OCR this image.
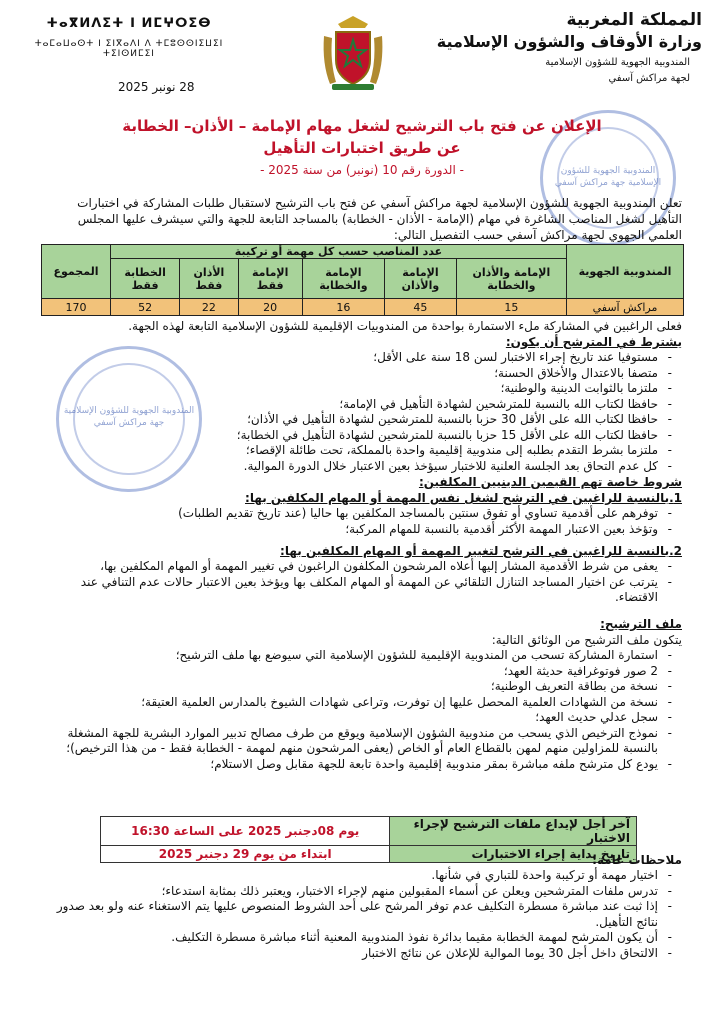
المملكة المغربية
وزارة الأوقاف والشؤون الإسلامية
المندوبية الجهوية للشؤون الإسلامية
لجهة مراكش آسفي
ⵜⴰⴳⵍⴷⵉⵜ ⵏ ⵍⵎⵖⵔⵉⴱ
ⵜⴰⵎⴰⵡⴰⵙⵜ ⵏ ⵉⵏⴳⴰⴷⵏ ⴷ ⵜⵎⵓⵙⵙⵏⵉⵡⵉⵏ ⵜⵉⵏⵙⵍⵎⵉⵏ
28 نونبر 2025
المندوبية الجهوية للشؤون الإسلامية جهة مراكش آسفي
المندوبية الجهوية للشؤون الإسلامية جهة مراكش آسفي
الإعلان عن فتح باب الترشيح لشغل مهام الإمامة – الأذان– الخطابة
عن طريق اختبارات التأهيل
- الدورة رقم 10 (نونبر) من سنة 2025 -
تعلن المندوبية الجهوية للشؤون الإسلامية لجهة مراكش آسفي عن فتح باب الترشيح لاستقبال طلبات المشاركة في اختبارات التأهيل لشغل المناصب الشاغرة في مهام (الإمامة - الأذان - الخطابة) بالمساجد التابعة للجهة والتي سيشرف عليها المجلس العلمي الجهوي لجهة مراكش آسفي حسب التفصيل التالي:
المندوبية الجهوية	عدد المناصب حسب كل مهمة أو تركيبة						المجموع
	الإمامة والأذان والخطابة	الإمامة والأذان	الإمامة والخطابة	الإمامة فقط	الأذان فقط	الخطابة فقط	
مراكش آسفي	15	45	16	20	22	52	170
فعلى الراغبين في المشاركة ملء الاستمارة بواحدة من المندوبيات الإقليمية للشؤون الإسلامية التابعة لهذه الجهة.
يشترط في المترشح أن يكون:
- مستوفيا عند تاريخ إجراء الاختبار لسن 18 سنة على الأقل؛
- متصفا بالاعتدال والأخلاق الحسنة؛
- ملتزما بالثوابت الدينية والوطنية؛
- حافظا لكتاب الله بالنسبة للمترشحين لشهادة التأهيل في الإمامة؛
- حافظا لكتاب الله على الأقل 30 حزبا بالنسبة للمترشحين لشهادة التأهيل في الأذان؛
- حافظا لكتاب الله على الأقل 15 حزبا بالنسبة للمترشحين لشهادة التأهيل في الخطابة؛
- ملتزما بشرط التقدم بطلبه إلى مندوبية إقليمية واحدة بالمملكة، تحت طائلة الإقصاء؛
- كل عدم التحاق بعد الجلسة العلنية للاختبار سيؤخذ بعين الاعتبار خلال الدورة الموالية.
شروط خاصة تهم القيمين الدينيين المكلفين:
1.بالنسبة للراغبين في الترشح لشغل نفس المهمة أو المهام المكلفين بها:
- توفرهم على أقدمية تساوي أو تفوق سنتين بالمساجد المكلفين بها حاليا (عند تاريخ تقديم الطلبات)
- وتؤخذ بعين الاعتبار المهمة الأكثر أقدمية بالنسبة للمهام المركبة؛
2.بالنسبة للراغبين في الترشح لتغيير المهمة أو المهام المكلفين بها:
- يعفى من شرط الأقدمية المشار إليها أعلاه المرشحون المكلفون الراغبون في تغيير المهمة أو المهام المكلفين بها،
- يترتب عن اختيار المساجد التنازل التلقائي عن المهمة أو المهام المكلف بها ويؤخذ بعين الاعتبار حالات عدم التنافي عند الاقتضاء.
ملف الترشيح:
يتكون ملف الترشيح من الوثائق التالية:
- استمارة المشاركة تسحب من المندوبية الإقليمية للشؤون الإسلامية التي سيوضع بها ملف الترشيح؛
- 2 صور فوتوغرافية حديثة العهد؛
- نسخة من بطاقة التعريف الوطنية؛
- نسخة من الشهادات العلمية المحصل عليها إن توفرت، وتراعى شهادات الشيوخ بالمدارس العلمية العتيقة؛
- سجل عدلي حديث العهد؛
- نموذج الترخيص الذي يسحب من مندوبية الشؤون الإسلامية ويوقع من طرف مصالح تدبير الموارد البشرية للجهة المشغلة بالنسبة للمزاولين منهم لمهن بالقطاع العام أو الخاص (يعفى المرشحون منهم لمهمة - الخطابة فقط - من هذا الترخيص)؛
- يودع كل مترشح ملفه مباشرة بمقر مندوبية إقليمية واحدة تابعة للجهة مقابل وصل الاستلام؛
آخر أجل لإيداع ملفات الترشيح لإجراء الاختبار	يوم 08دجنبر 2025 على الساعة 16:30
تاريخ بداية إجراء الاختبارات	ابتداء من يوم 29 دجنبر 2025	ملاحظات عامة:
- اختيار مهمة أو تركيبة واحدة للتباري في شأنها.
- تدرس ملفات المترشحين ويعلن عن أسماء المقبولين منهم لإجراء الاختبار، ويعتبر ذلك بمثابة استدعاء؛
- إذا ثبت عند مباشرة مسطرة التكليف عدم توفر المرشح على أحد الشروط المنصوص عليها يتم الاستغناء عنه ولو بعد صدور نتائج التأهيل.
- أن يكون المترشح لمهمة الخطابة مقيما بدائرة نفوذ المندوبية المعنية أثناء مباشرة مسطرة التكليف.
- الالتحاق داخل أجل 30 يوما الموالية للإعلان عن نتائج الاختبار
